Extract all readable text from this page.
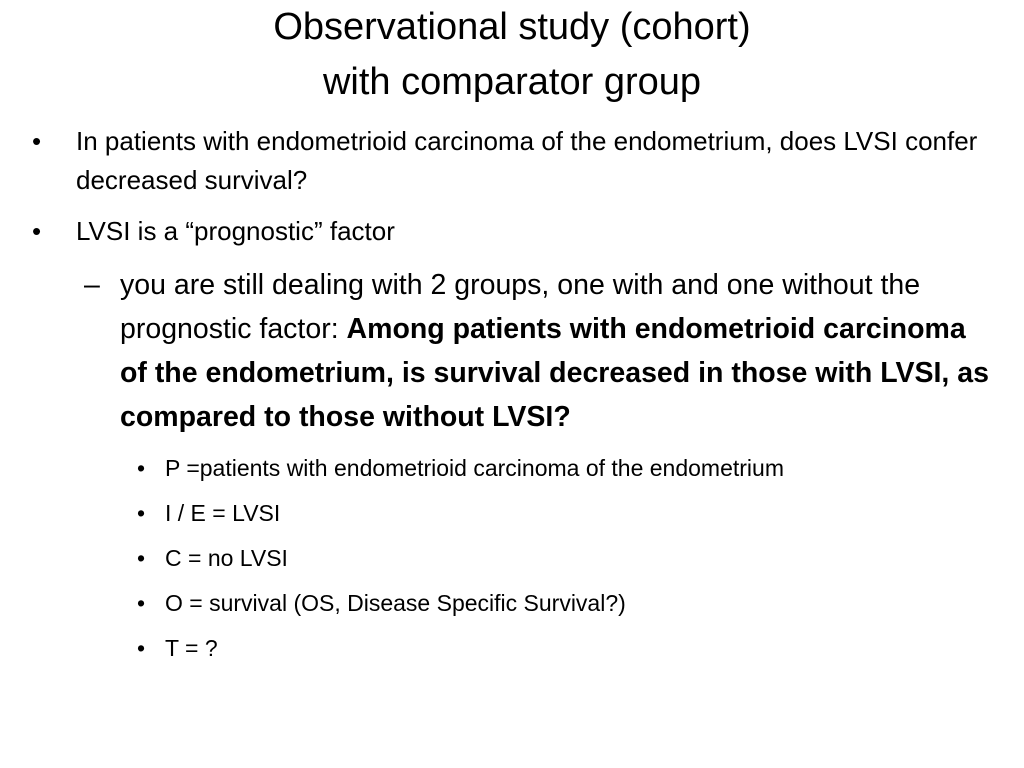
Observational study (cohort)
with comparator group
• In patients with endometrioid carcinoma of the endometrium, does LVSI confer decreased survival?
• LVSI is a “prognostic” factor
– you are still dealing with 2 groups, one with and one without the prognostic factor: Among patients with endometrioid carcinoma of the endometrium, is survival decreased in those with LVSI, as compared to those without LVSI?
• P =patients with endometrioid carcinoma of the endometrium
• I / E = LVSI
• C = no LVSI
• O = survival (OS, Disease Specific Survival?)
• T = ?
